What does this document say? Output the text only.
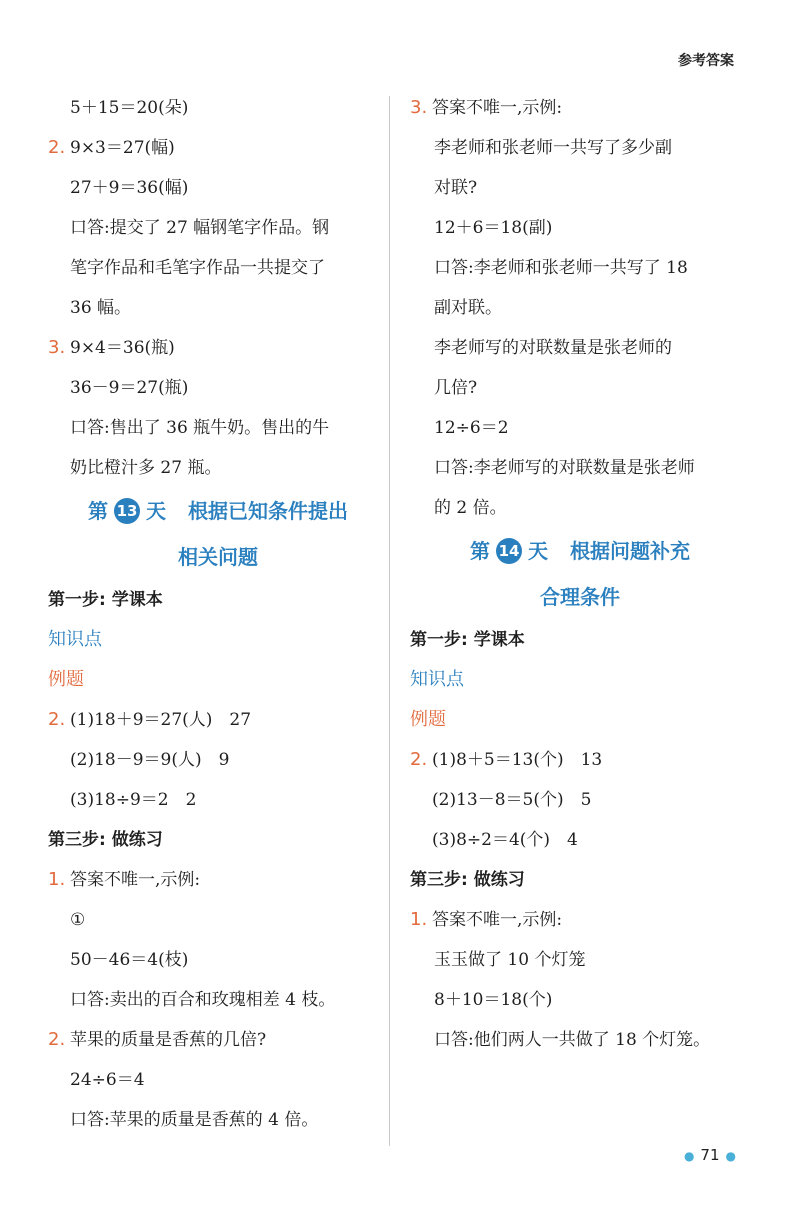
参考答案
5＋15＝20(朵)
2. 9×3＝27(幅)
27＋9＝36(幅)
口答:提交了 27 幅钢笔字作品。钢
笔字作品和毛笔字作品一共提交了
36 幅。
3. 9×4＝36(瓶)
36－9＝27(瓶)
口答:售出了 36 瓶牛奶。售出的牛
奶比橙汁多 27 瓶。
第 13 天 根据已知条件提出
相关问题
第一步: 学课本
知识点
例题
2. (1)18＋9＝27(人)　27
(2)18－9＝9(人)　9
(3)18÷9＝2　2
第三步: 做练习
1. 答案不唯一,示例:
①
50－46＝4(枝)
口答:卖出的百合和玫瑰相差 4 枝。
2. 苹果的质量是香蕉的几倍?
24÷6＝4
口答:苹果的质量是香蕉的 4 倍。
3. 答案不唯一,示例:
李老师和张老师一共写了多少副
对联?
12＋6＝18(副)
口答:李老师和张老师一共写了 18
副对联。
李老师写的对联数量是张老师的
几倍?
12÷6＝2
口答:李老师写的对联数量是张老师
的 2 倍。
第 14 天 根据问题补充
合理条件
第一步: 学课本
知识点
例题
2. (1)8＋5＝13(个)　13
(2)13－8＝5(个)　5
(3)8÷2＝4(个)　4
第三步: 做练习
1. 答案不唯一,示例:
玉玉做了 10 个灯笼
8＋10＝18(个)
口答:他们两人一共做了 18 个灯笼。
● 71 ●
